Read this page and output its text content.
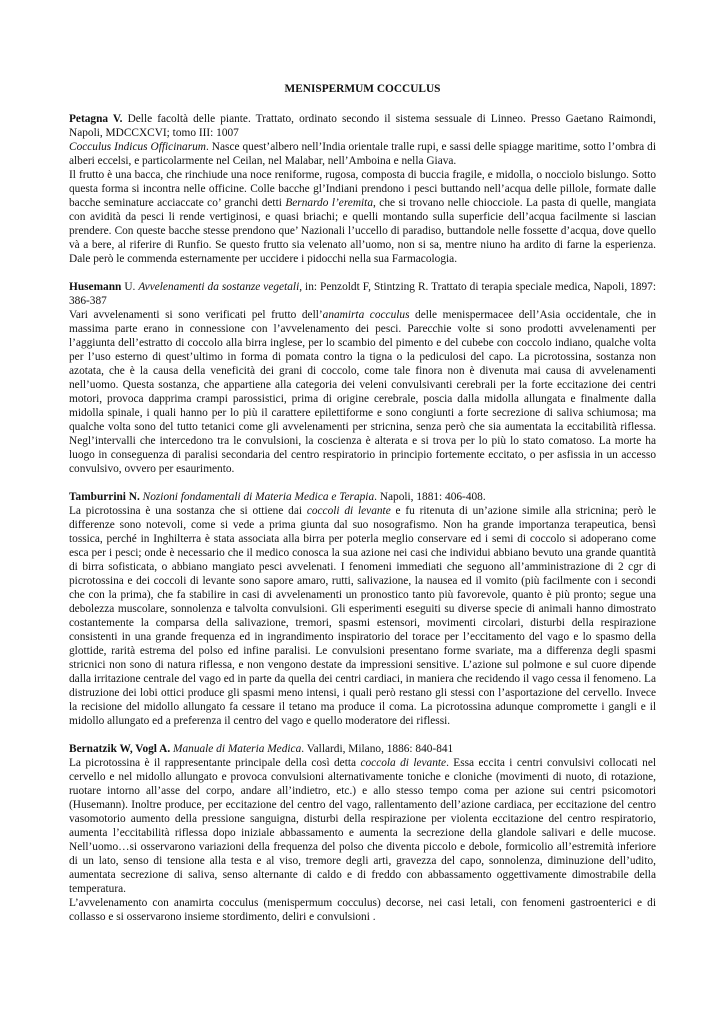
MENISPERMUM COCCULUS

Petagna V. Delle facoltà delle piante. Trattato, ordinato secondo il sistema sessuale di Linneo. Presso Gaetano Raimondi, Napoli, MDCCXCVI; tomo III: 1007

Cocculus Indicus Officinarum. Nasce quest’albero nell’India orientale tralle rupi, e sassi delle spiagge maritime, sotto l’ombra di alberi eccelsi, e particolarmente nel Ceilan, nel Malabar, nell’Amboina e nella Giava.

Il frutto è una bacca, che rinchiude una noce reniforme, rugosa, composta di buccia fragile, e midolla, o nocciolo bislungo. Sotto questa forma si incontra nelle officine. Colle bacche gl’Indiani prendono i pesci buttando nell’acqua delle pillole, formate dalle bacche seminature acciaccate co’ granchi detti Bernardo l’eremita, che si trovano nelle chiocciole. La pasta di quelle, mangiata con avidità da pesci li rende vertiginosi, e quasi briachi; e quelli montando sulla superficie dell’acqua facilmente si lascian prendere. Con queste bacche stesse prendono que’ Nazionali l’uccello di paradiso, buttandole nelle fossette d’acqua, dove quello và a bere, al riferire di Runfio. Se questo frutto sia velenato all’uomo, non si sa, mentre niuno ha ardito di farne la esperienza. Dale però le commenda esternamente per uccidere i pidocchi nella sua Farmacologia.

Husemann U. Avvelenamenti da sostanze vegetali, in: Penzoldt F, Stintzing R. Trattato di terapia speciale medica, Napoli, 1897: 386-387

Vari avvelenamenti si sono verificati pel frutto dell’anamirta cocculus delle menispermacee dell’Asia occidentale, che in massima parte erano in connessione con l’avvelenamento dei pesci. Parecchie volte si sono prodotti avvelenamenti per l’aggiunta dell’estratto di coccolo alla birra inglese, per lo scambio del pimento e del cubebe con coccolo indiano, qualche volta per l’uso esterno di quest’ultimo in forma di pomata contro la tigna o la pediculosi del capo. La picrotossina, sostanza non azotata, che è la causa della veneficità dei grani di coccolo, come tale finora non è divenuta mai causa di avvelenamenti nell’uomo. Questa sostanza, che appartiene alla categoria dei veleni convulsivanti cerebrali per la forte eccitazione dei centri motori, provoca dapprima crampi parossistici, prima di origine cerebrale, poscia dalla midolla allungata e finalmente dalla midolla spinale, i quali hanno per lo più il carattere epilettiforme e sono congiunti a forte secrezione di saliva schiumosa; ma qualche volta sono del tutto tetanici come gli avvelenamenti per stricnina, senza però che sia aumentata la eccitabilità riflessa. Negl’intervalli che intercedono tra le convulsioni, la coscienza è alterata e si trova per lo più lo stato comatoso. La morte ha luogo in conseguenza di paralisi secondaria del centro respiratorio in principio fortemente eccitato, o per asfissia in un accesso convulsivo, ovvero per esaurimento.

Tamburrini N. Nozioni fondamentali di Materia Medica e Terapia. Napoli, 1881: 406-408.

La picrotossina è una sostanza che si ottiene dai coccoli di levante e fu ritenuta di un’azione simile alla stricnina; però le differenze sono notevoli, come si vede a prima giunta dal suo nosografismo. Non ha grande importanza terapeutica, bensì tossica, perché in Inghilterra è stata associata alla birra per poterla meglio conservare ed i semi di coccolo si adoperano come esca per i pesci; onde è necessario che il medico conosca la sua azione nei casi che individui abbiano bevuto una grande quantità di birra sofisticata, o abbiano mangiato pesci avvelenati. I fenomeni immediati che seguono all’amministrazione di 2 cgr di picrotossina e dei coccoli di levante sono sapore amaro, rutti, salivazione, la nausea ed il vomito (più facilmente con i secondi che con la prima), che fa stabilire in casi di avvelenamenti un pronostico tanto più favorevole, quanto è più pronto; segue una debolezza muscolare, sonnolenza e talvolta convulsioni. Gli esperimenti eseguiti su diverse specie di animali hanno dimostrato costantemente la comparsa della salivazione, tremori, spasmi estensori, movimenti circolari, disturbi della respirazione consistenti in una grande frequenza ed in ingrandimento inspiratorio del torace per l’eccitamento del vago e lo spasmo della glottide, rarità estrema del polso ed infine paralisi. Le convulsioni presentano forme svariate, ma a differenza degli spasmi stricnici non sono di natura riflessa, e non vengono destate da impressioni sensitive. L’azione sul polmone e sul cuore dipende dalla irritazione centrale del vago ed in parte da quella dei centri cardiaci, in maniera che recidendo il vago cessa il fenomeno. La distruzione dei lobi ottici produce gli spasmi meno intensi, i quali però restano gli stessi con l’asportazione del cervello. Invece la recisione del midollo allungato fa cessare il tetano ma produce il coma. La picrotossina adunque compromette i gangli e il midollo allungato ed a preferenza il centro del vago e quello moderatore dei riflessi.

Bernatzik W, Vogl A. Manuale di Materia Medica. Vallardi, Milano, 1886: 840-841

La picrotossina è il rappresentante principale della così detta coccola di levante. Essa eccita i centri convulsivi collocati nel cervello e nel midollo allungato e provoca convulsioni alternativamente toniche e cloniche (movimenti di nuoto, di rotazione, ruotare intorno all’asse del corpo, andare all’indietro, etc.) e allo stesso tempo coma per azione sui centri psicomotori (Husemann). Inoltre produce, per eccitazione del centro del vago, rallentamento dell’azione cardiaca, per eccitazione del centro vasomotorio aumento della pressione sanguigna, disturbi della respirazione per violenta eccitazione del centro respiratorio, aumenta l’eccitabilità riflessa dopo iniziale abbassamento e aumenta la secrezione della glandole salivari e delle mucose. Nell’uomo…si osservarono variazioni della frequenza del polso che diventa piccolo e debole, formicolio all’estremità inferiore di un lato, senso di tensione alla testa e al viso, tremore degli arti, gravezza del capo, sonnolenza, diminuzione dell’udito, aumentata secrezione di saliva, senso alternante di caldo e di freddo con abbassamento oggettivamente dimostrabile della temperatura.

L’avvelenamento con anamirta cocculus (menispermum cocculus) decorse, nei casi letali, con fenomeni gastroenterici e di collasso e si osservarono insieme stordimento, deliri e convulsioni .
